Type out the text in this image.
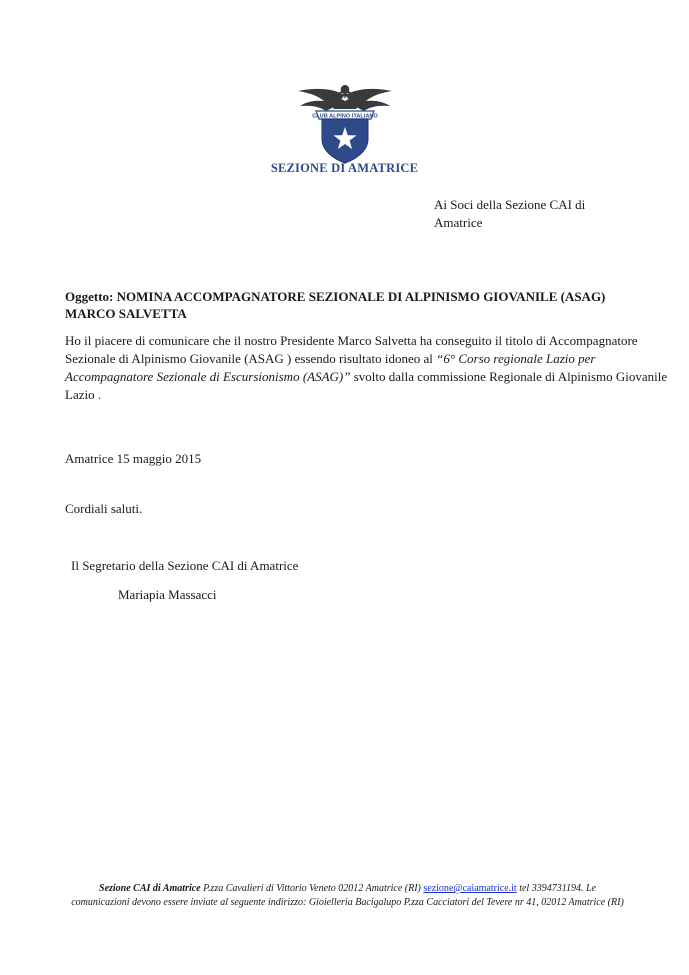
CLUB ALPINO ITALIANO
SEZIONE DI AMATRICE
Ai Soci della Sezione CAI di
Amatrice
Oggetto: NOMINA ACCOMPAGNATORE SEZIONALE DI ALPINISMO GIOVANILE (ASAG)
MARCO SALVETTA
Ho il piacere di comunicare che il nostro Presidente Marco Salvetta ha conseguito il titolo di Accompagnatore Sezionale di Alpinismo Giovanile (ASAG ) essendo risultato idoneo al “6° Corso regionale Lazio per Accompagnatore Sezionale di Escursionismo (ASAG)” svolto dalla commissione Regionale di Alpinismo Giovanile Lazio .
Amatrice 15 maggio 2015
Cordiali saluti.
Il Segretario della Sezione CAI di Amatrice
Mariapia Massacci
Sezione CAI di Amatrice P.zza Cavalieri di Vittorio Veneto 02012 Amatrice (RI) sezione@caiamatrice.it tel 3394731194. Le comunicazioni devono essere inviate al seguente indirizzo: Gioielleria Bacigalupo P.zza Cacciatori del Tevere nr 41, 02012 Amatrice (RI)
